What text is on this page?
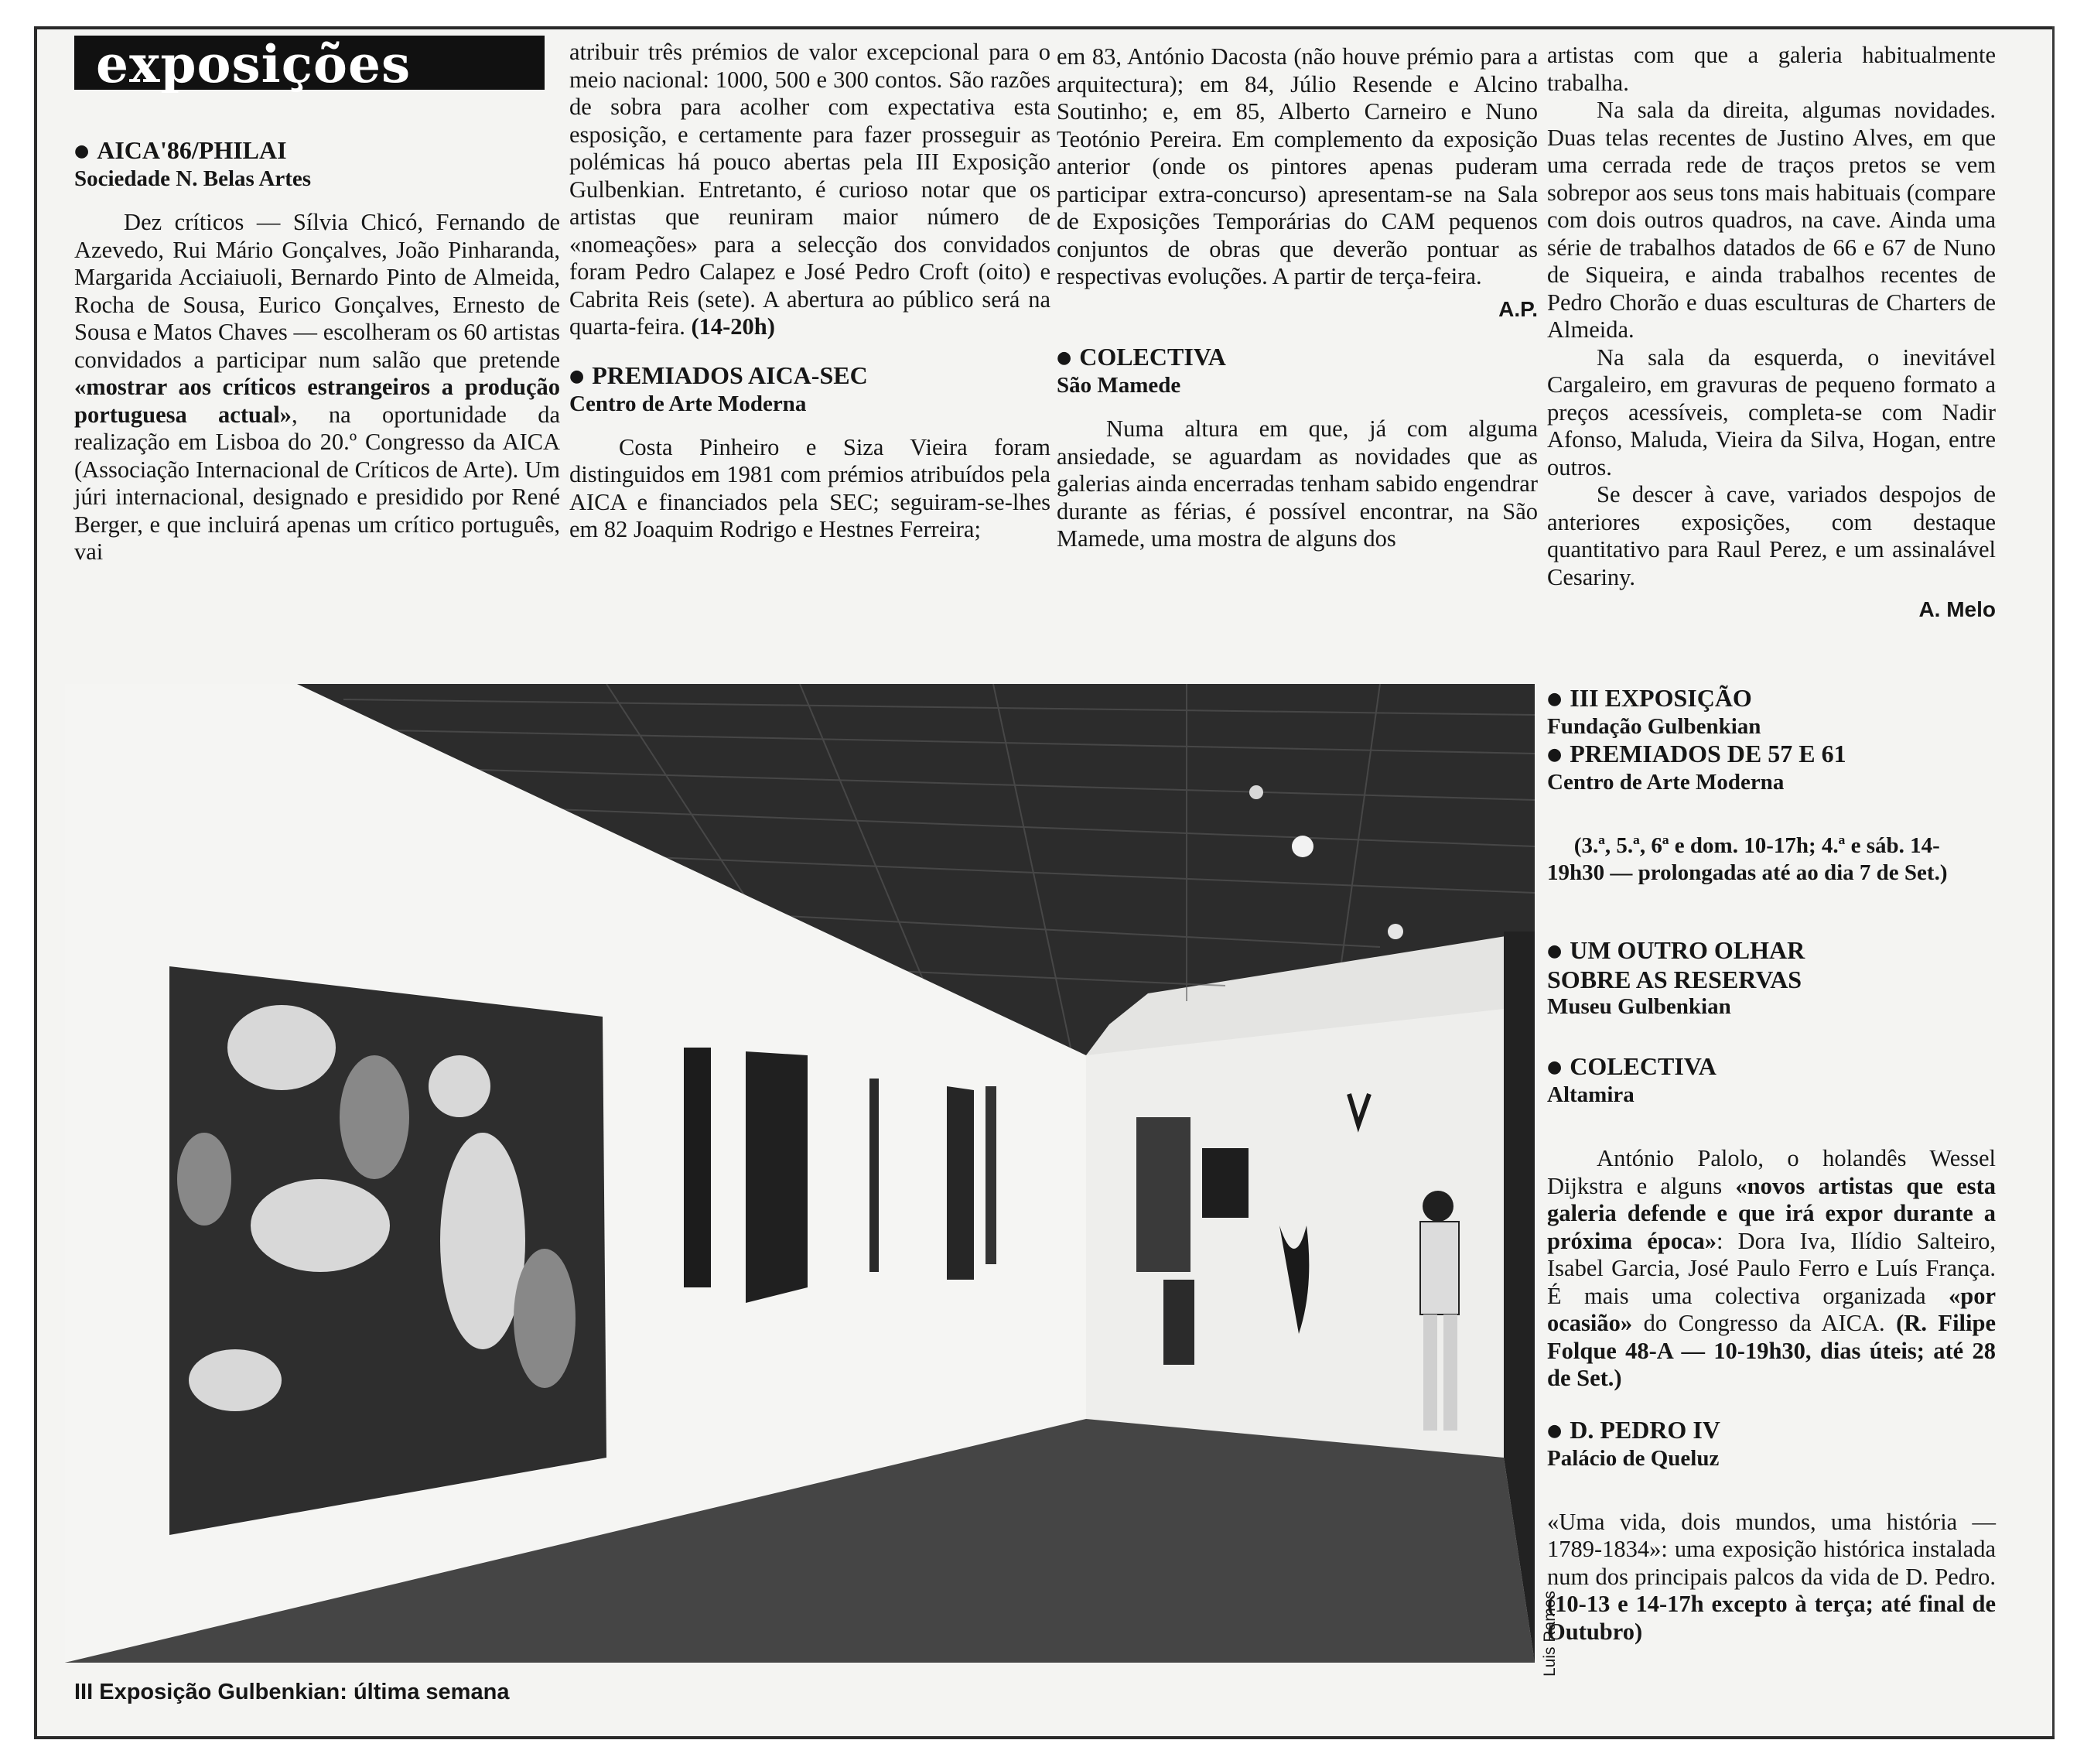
exposições
● AICA'86/PHILAI
Sociedade N. Belas Artes

Dez críticos — Sílvia Chicó, Fernando de Azevedo, Rui Mário Gonçalves, João Pinharanda, Margarida Acciaiuoli, Bernardo Pinto de Almeida, Rocha de Sousa, Eurico Gonçalves, Ernesto de Sousa e Matos Chaves — escolheram os 60 artistas convidados a participar num salão que pretende «mostrar aos críticos estrangeiros a produção portuguesa actual», na oportunidade da realização em Lisboa do 20.º Congresso da AICA (Associação Internacional de Críticos de Arte). Um júri internacional, designado e presidido por René Berger, e que incluirá apenas um crítico português, vai

atribuir três prémios de valor excepcional para o meio nacional: 1000, 500 e 300 contos. São razões de sobra para acolher com expectativa esta esposição, e certamente para fazer prosseguir as polémicas há pouco abertas pela III Exposição Gulbenkian. Entretanto, é curioso notar que os artistas que reuniram maior número de «nomeações» para a selecção dos convidados foram Pedro Calapez e José Pedro Croft (oito) e Cabrita Reis (sete). A abertura ao público será na quarta-feira. (14-20h)

● PREMIADOS AICA-SEC
Centro de Arte Moderna

Costa Pinheiro e Siza Vieira foram distinguidos em 1981 com prémios atribuídos pela AICA e financiados pela SEC; seguiram-se-lhes em 82 Joaquim Rodrigo e Hestnes Ferreira;

em 83, António Dacosta (não houve prémio para a arquitectura); em 84, Júlio Resende e Alcino Soutinho; e, em 85, Alberto Carneiro e Nuno Teotónio Pereira. Em complemento da exposição anterior (onde os pintores apenas puderam participar extra-concurso) apresentam-se na Sala de Exposições Temporárias do CAM pequenos conjuntos de obras que deverão pontuar as respectivas evoluções. A partir de terça-feira.

A.P.
● COLECTIVA
São Mamede

Numa altura em que, já com alguma ansiedade, se aguardam as novidades que as galerias ainda encerradas tenham sabido engendrar durante as férias, é possível encontrar, na São Mamede, uma mostra de alguns dos

artistas com que a galeria habitualmente trabalha.

Na sala da direita, algumas novidades. Duas telas recentes de Justino Alves, em que uma cerrada rede de traços pretos se vem sobrepor aos seus tons mais habituais (compare com dois outros quadros, na cave. Ainda uma série de trabalhos datados de 66 e 67 de Nuno de Siqueira, e ainda trabalhos recentes de Pedro Chorão e duas esculturas de Charters de Almeida.

Na sala da esquerda, o inevitável Cargaleiro, em gravuras de pequeno formato a preços acessíveis, completa-se com Nadir Afonso, Maluda, Vieira da Silva, Hogan, entre outros.

Se descer à cave, variados despojos de anteriores exposições, com destaque quantitativo para Raul Perez, e um assinalável Cesariny.

A. Melo
● III EXPOSIÇÃO
Fundação Gulbenkian
● PREMIADOS DE 57 E 61
Centro de Arte Moderna
(3.ª, 5.ª, 6ª e dom. 10-17h; 4.ª e sáb. 14-19h30 — prolongadas até ao dia 7 de Set.)
● UM OUTRO OLHAR
SOBRE AS RESERVAS
Museu Gulbenkian
● COLECTIVA
Altamira

António Palolo, o holandês Wessel Dijkstra e alguns «novos artistas que esta galeria defende e que irá expor durante a próxima época»: Dora Iva, Ilídio Salteiro, Isabel Garcia, José Paulo Ferro e Luís França. É mais uma colectiva organizada «por ocasião» do Congresso da AICA. (R. Filipe Folque 48-A — 10-19h30, dias úteis; até 28 de Set.)

● D. PEDRO IV
Palácio de Queluz

«Uma vida, dois mundos, uma história — 1789-1834»: uma exposição histórica instalada num dos principais palcos da vida de D. Pedro. (10-13 e 14-17h excepto à terça; até final de Outubro)

III Exposição Gulbenkian: última semana
Luis Ramos
